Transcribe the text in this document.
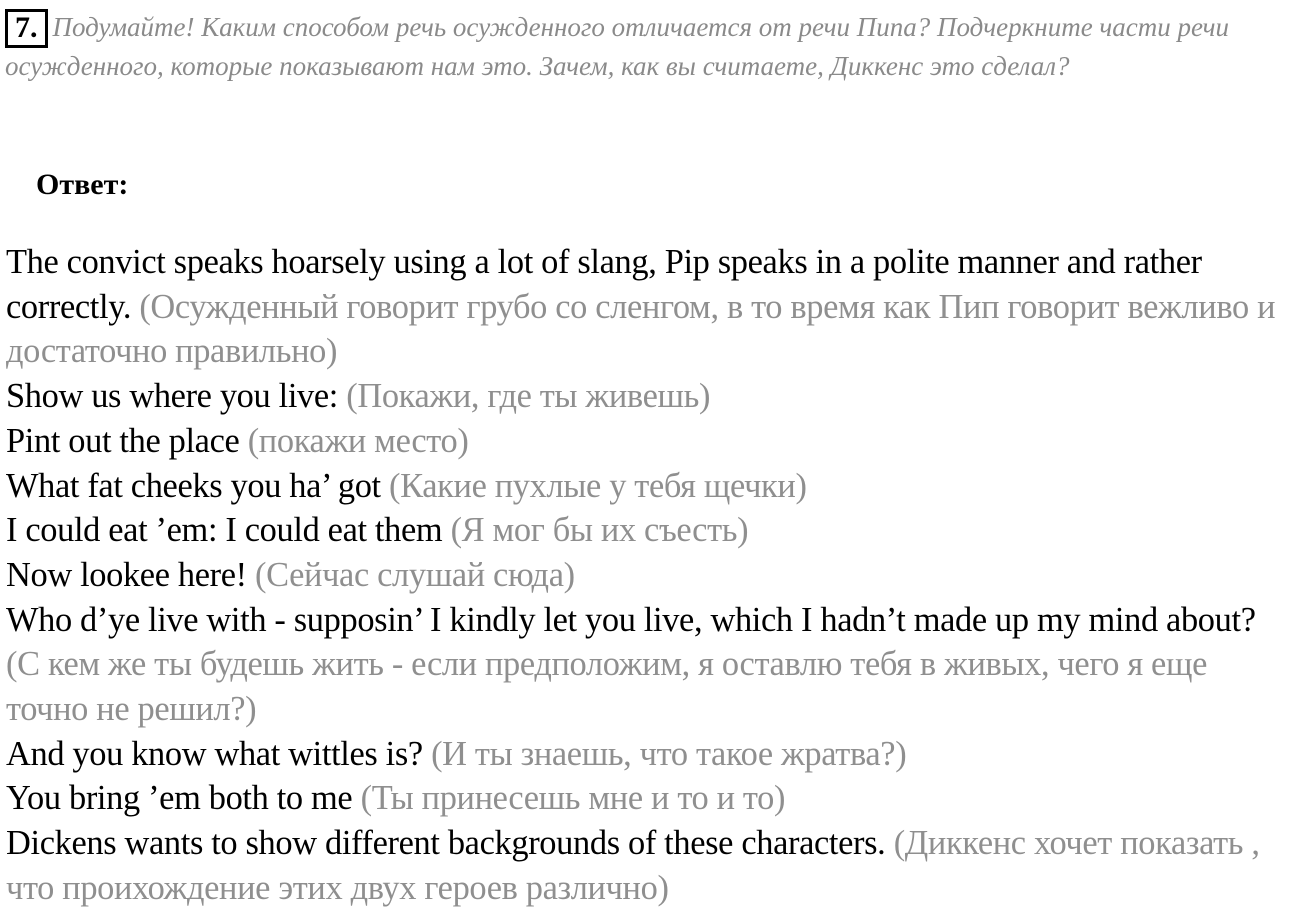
7. Подумайте! Каким способом речь осужденного отличается от речи Пипа? Подчеркните части речи осужденного, которые показывают нам это. Зачем, как вы считаете, Диккенс это сделал?
Ответ:

The convict speaks hoarsely using a lot of slang, Pip speaks in a polite manner and rather correctly. (Осужденный говорит грубо со сленгом, в то время как Пип говорит вежливо и достаточно правильно)

Show us where you live: (Покажи, где ты живешь)

Pint out the place (покажи место)

What fat cheeks you ha’ got (Какие пухлые у тебя щечки)

I could eat ’em: I could eat them (Я мог бы их съесть)

Now lookee here! (Сейчас слушай сюда)

Who d’ye live with - supposin’ I kindly let you live, which I hadn’t made up my mind about? (С кем же ты будешь жить - если предположим, я оставлю тебя в живых, чего я еще точно не решил?)

And you know what wittles is? (И ты знаешь, что такое жратва?)

You bring ’em both to me (Ты принесешь мне и то и то)

Dickens wants to show different backgrounds of these characters. (Диккенс хочет показать , что проихождение этих двух героев различно)
